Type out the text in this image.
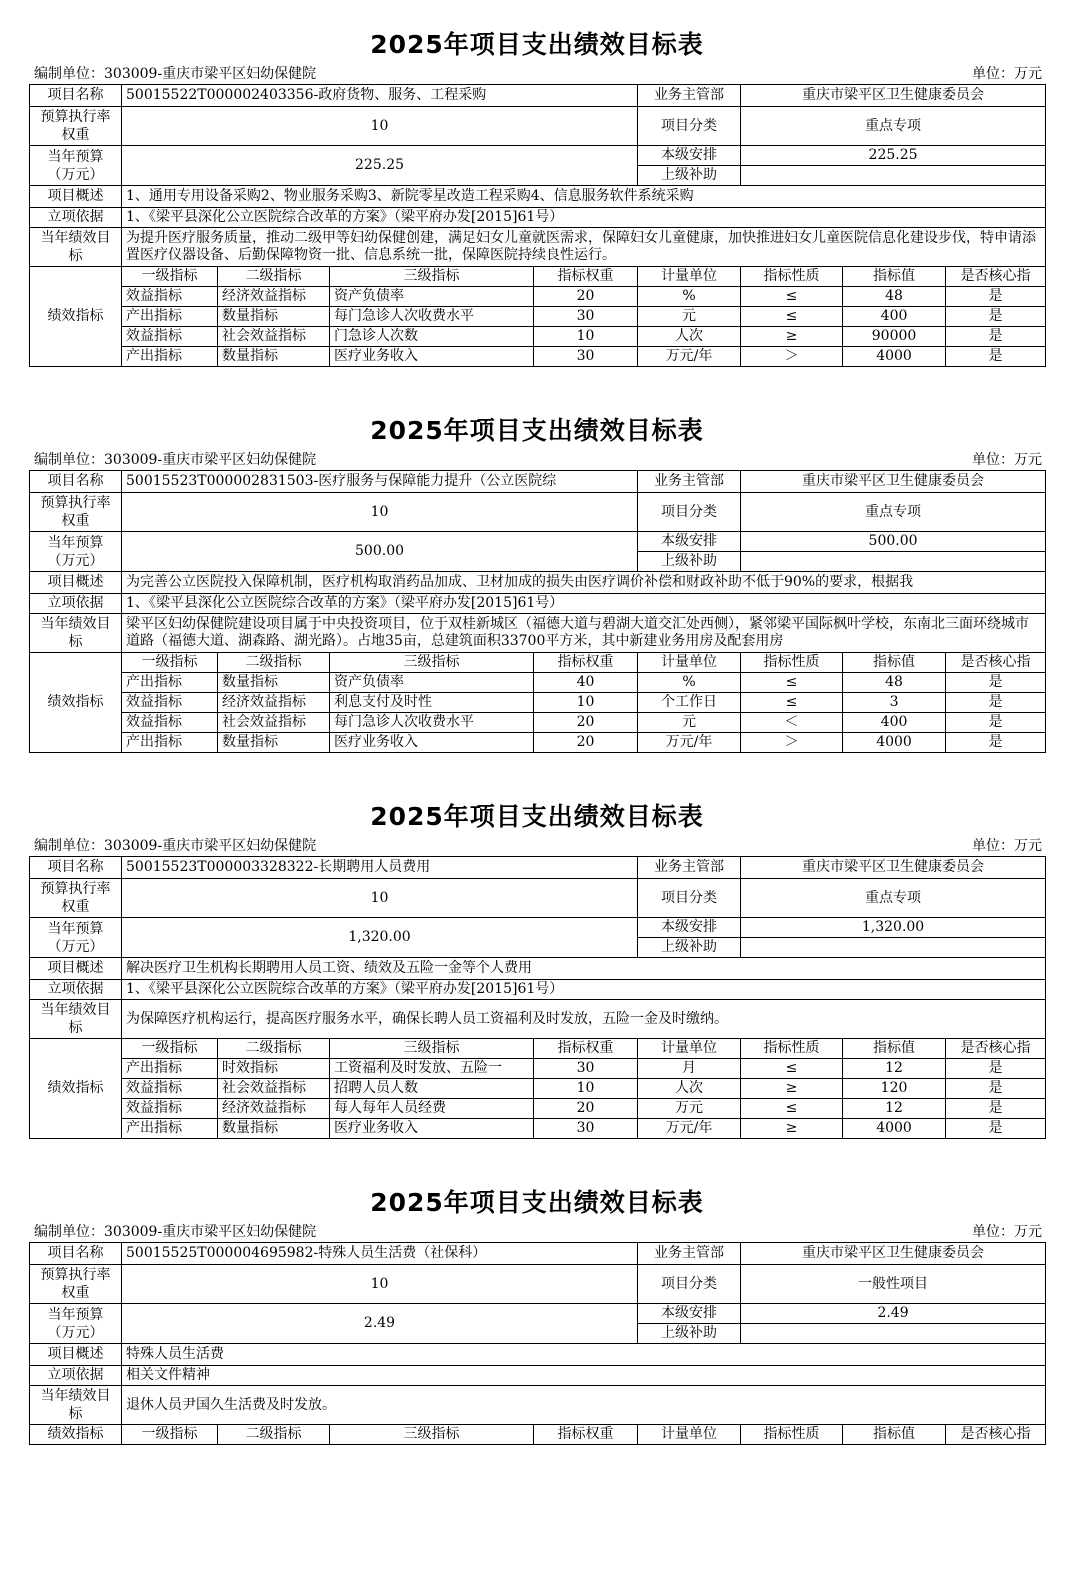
2025年项目支出绩效目标表
编制单位：303009-重庆市梁平区妇幼保健院	单位：万元
项目名称	50015522T000002403356-政府货物、服务、工程采购				业务主管部	重庆市梁平区卫生健康委员会		
预算执行率权重	10				项目分类	重点专项		
当年预算（万元）	225.25				本级安排	225.25		
					上级补助			
项目概述	1、通用专用设备采购2、物业服务采购3、新院零星改造工程采购4、信息服务软件系统采购							
立项依据	1、《梁平县深化公立医院综合改革的方案》（梁平府办发[2015]61号）							
当年绩效目标	为提升医疗服务质量，推动二级甲等妇幼保健创建，满足妇女儿童就医需求，保障妇女儿童健康，加快推进妇女儿童医院信息化建设步伐，特申请添置医疗仪器设备、后勤保障物资一批、信息系统一批，保障医院持续良性运行。							
绩效指标	一级指标	二级指标	三级指标	指标权重	计量单位	指标性质	指标值	是否核心指
	效益指标	经济效益指标	资产负债率	20	%	≤	48	是
	产出指标	数量指标	每门急诊人次收费水平	30	元	≤	400	是
	效益指标	社会效益指标	门急诊人次数	10	人次	≥	90000	是
	产出指标	数量指标	医疗业务收入	30	万元/年	＞	4000	是
2025年项目支出绩效目标表
编制单位：303009-重庆市梁平区妇幼保健院	单位：万元
项目名称	50015523T000002831503-医疗服务与保障能力提升（公立医院综				业务主管部	重庆市梁平区卫生健康委员会		
预算执行率权重	10				项目分类	重点专项		
当年预算（万元）	500.00				本级安排	500.00		
					上级补助			
项目概述	为完善公立医院投入保障机制，医疗机构取消药品加成、卫材加成的损失由医疗调价补偿和财政补助不低于90%的要求，根据我							
立项依据	1、《梁平县深化公立医院综合改革的方案》（梁平府办发[2015]61号）							
当年绩效目标	梁平区妇幼保健院建设项目属于中央投资项目，位于双桂新城区（福德大道与碧湖大道交汇处西侧），紧邻梁平国际枫叶学校，东南北三面环绕城市道路（福德大道、湖森路、湖光路）。占地35亩，总建筑面积33700平方米，其中新建业务用房及配套用房							
绩效指标	一级指标	二级指标	三级指标	指标权重	计量单位	指标性质	指标值	是否核心指
	产出指标	数量指标	资产负债率	40	%	≤	48	是
	效益指标	经济效益指标	利息支付及时性	10	个工作日	≤	3	是
	效益指标	社会效益指标	每门急诊人次收费水平	20	元	＜	400	是
	产出指标	数量指标	医疗业务收入	20	万元/年	＞	4000	是
2025年项目支出绩效目标表
编制单位：303009-重庆市梁平区妇幼保健院	单位：万元
项目名称	50015523T000003328322-长期聘用人员费用				业务主管部	重庆市梁平区卫生健康委员会		
预算执行率权重	10				项目分类	重点专项		
当年预算（万元）	1,320.00				本级安排	1,320.00		
					上级补助			
项目概述	解决医疗卫生机构长期聘用人员工资、绩效及五险一金等个人费用							
立项依据	1、《梁平县深化公立医院综合改革的方案》（梁平府办发[2015]61号）							
当年绩效目标	为保障医疗机构运行，提高医疗服务水平，确保长聘人员工资福利及时发放，五险一金及时缴纳。							
绩效指标	一级指标	二级指标	三级指标	指标权重	计量单位	指标性质	指标值	是否核心指
	产出指标	时效指标	工资福利及时发放、五险一	30	月	≤	12	是
	效益指标	社会效益指标	招聘人员人数	10	人次	≥	120	是
	效益指标	经济效益指标	每人每年人员经费	20	万元	≤	12	是
	产出指标	数量指标	医疗业务收入	30	万元/年	≥	4000	是
2025年项目支出绩效目标表
编制单位：303009-重庆市梁平区妇幼保健院	单位：万元
项目名称	50015525T000004695982-特殊人员生活费（社保科）				业务主管部	重庆市梁平区卫生健康委员会		
预算执行率权重	10				项目分类	一般性项目		
当年预算（万元）	2.49				本级安排	2.49		
					上级补助			
项目概述	特殊人员生活费							
立项依据	相关文件精神							
当年绩效目标	退休人员尹国久生活费及时发放。							
绩效指标	一级指标	二级指标	三级指标	指标权重	计量单位	指标性质	指标值	是否核心指
